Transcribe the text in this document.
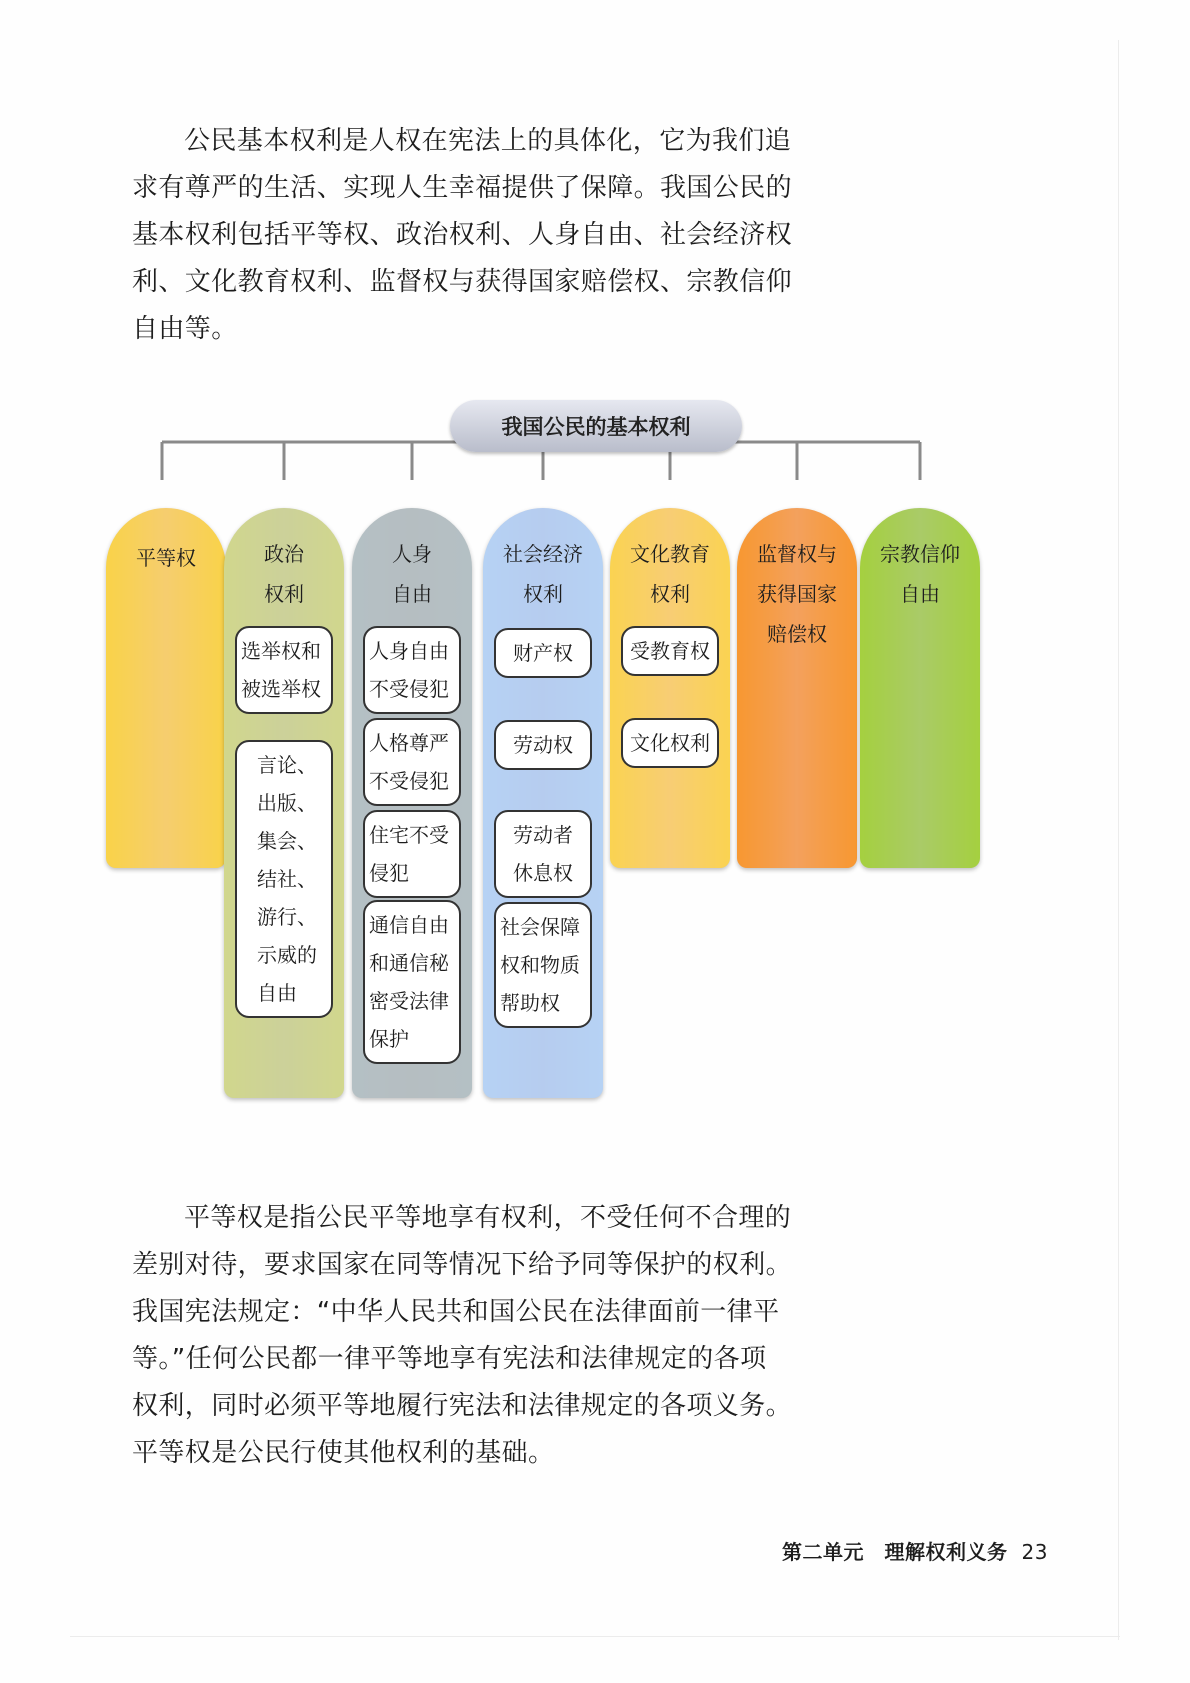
公民基本权利是人权在宪法上的具体化，它为我们追
求有尊严的生活、实现人生幸福提供了保障。我国公民的
基本权利包括平等权、政治权利、人身自由、社会经济权
利、文化教育权利、监督权与获得国家赔偿权、宗教信仰
自由等。

我国公民的基本权利
平等权	政治
权利
选举权和
被选举权
言论、
出版、
集会、
结社、
游行、
示威的
自由
人身
自由
人身自由
不受侵犯
人格尊严
不受侵犯
住宅不受
侵犯
通信自由
和通信秘
密受法律
保护
社会经济
权利
财产权
劳动权
劳动者
休息权
社会保障
权和物质
帮助权
文化教育
权利
受教育权
文化权利
监督权与
获得国家
赔偿权
宗教信仰
自由

平等权是指公民平等地享有权利，不受任何不合理的
差别对待，要求国家在同等情况下给予同等保护的权利。
我国宪法规定：“中华人民共和国公民在法律面前一律平
等。”任何公民都一律平等地享有宪法和法律规定的各项
权利，同时必须平等地履行宪法和法律规定的各项义务。
平等权是公民行使其他权利的基础。

第二单元　理解权利义务 23
